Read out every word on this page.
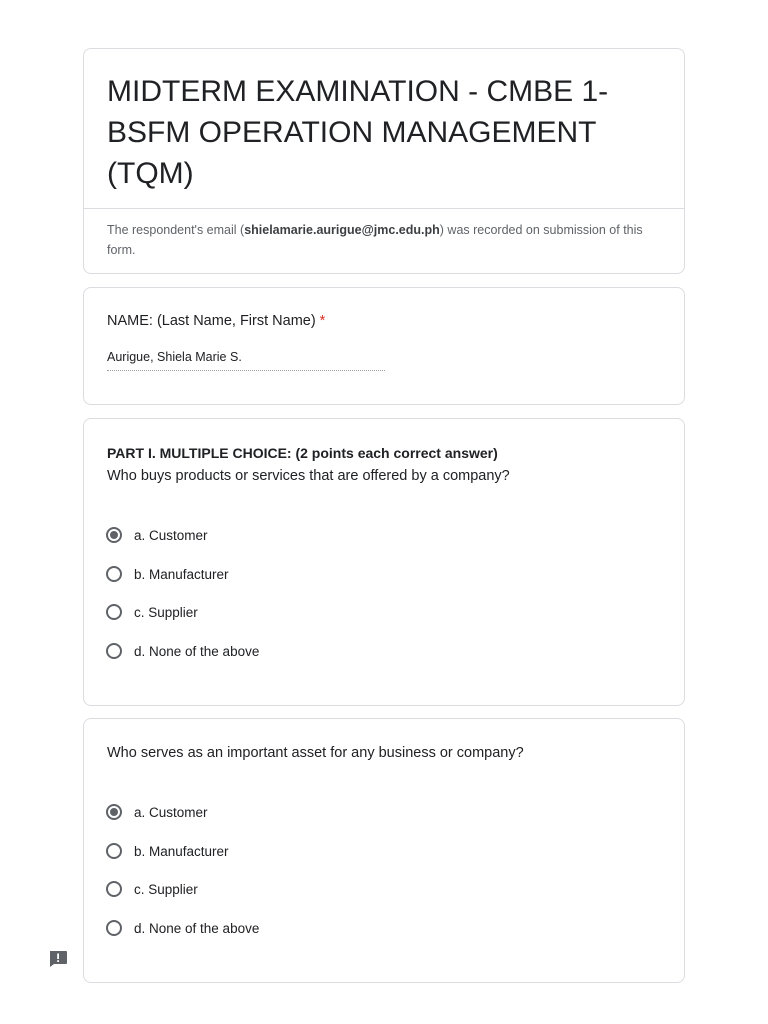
MIDTERM EXAMINATION - CMBE 1-BSFM OPERATION MANAGEMENT (TQM)
The respondent's email (shielamarie.aurigue@jmc.edu.ph) was recorded on submission of this form.
NAME: (Last Name, First Name) *
Aurigue, Shiela Marie S.
PART I. MULTIPLE CHOICE: (2 points each correct answer)
Who buys products or services that are offered by a company?
a. Customer
b. Manufacturer
c. Supplier
d. None of the above
Who serves as an important asset for any business or company?
a. Customer
b. Manufacturer
c. Supplier
d. None of the above
